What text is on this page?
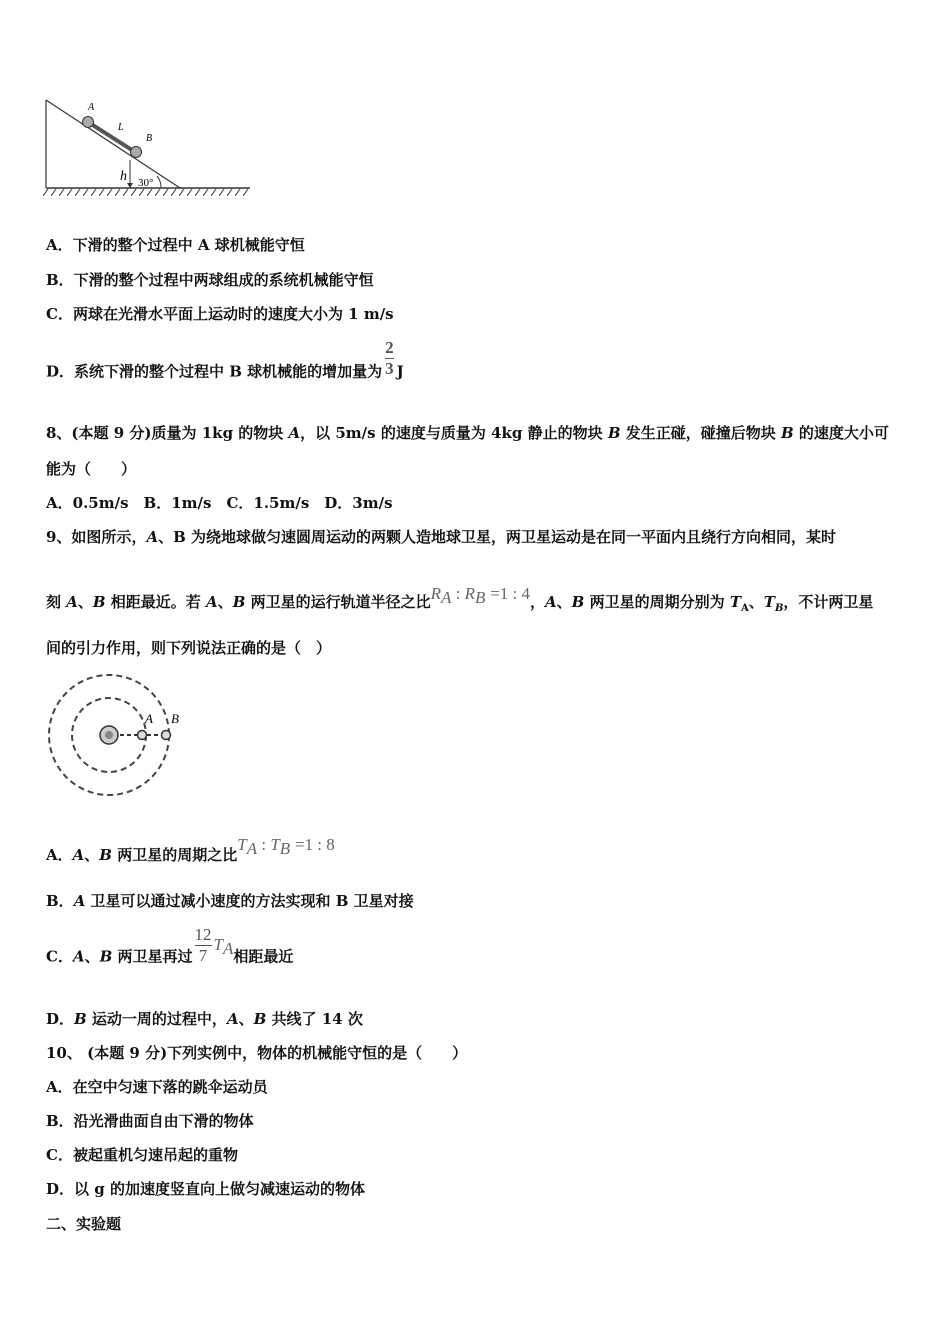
A
L
B
h 30°
A．下滑的整个过程中 A 球机械能守恒
B．下滑的整个过程中两球组成的系统机械能守恒
C．两球在光滑水平面上运动时的速度大小为 1 m/s
D．系统下滑的整个过程中 B 球机械能的增加量为 $\frac{2}{3}$ J
8、(本题 9 分)质量为 1kg 的物块 A，以 5m/s 的速度与质量为 4kg 静止的物块 B 发生正碰，碰撞后物块 B 的速度大小可
能为（　　）
A．0.5m/s　B．1m/s　C．1.5m/s　D．3m/s
9、如图所示，A、B 为绕地球做匀速圆周运动的两颗人造地球卫星，两卫星运动是在同一平面内且绕行方向相同，某时
刻 A、B 相距最近。若 A、B 两卫星的运行轨道半径之比$R_A$ : $R_B =1$ : 4，A、B 两卫星的周期分别为 $T_A$、$T_B$，不计两卫星
间的引力作用，则下列说法正确的是（　）
A B
A．A、B 两卫星的周期之比$T_A$ : $T_B =1$ : 8
B．A 卫星可以通过减小速度的方法实现和 B 卫星对接
C．A、B 两卫星再过 $\frac{12}{7} T_A$相距最近
D．B 运动一周的过程中，A、B 共线了 14 次
10、 (本题 9 分)下列实例中，物体的机械能守恒的是（　　）
A．在空中匀速下落的跳伞运动员
B．沿光滑曲面自由下滑的物体
C．被起重机匀速吊起的重物
D．以 g 的加速度竖直向上做匀减速运动的物体
二、实验题
